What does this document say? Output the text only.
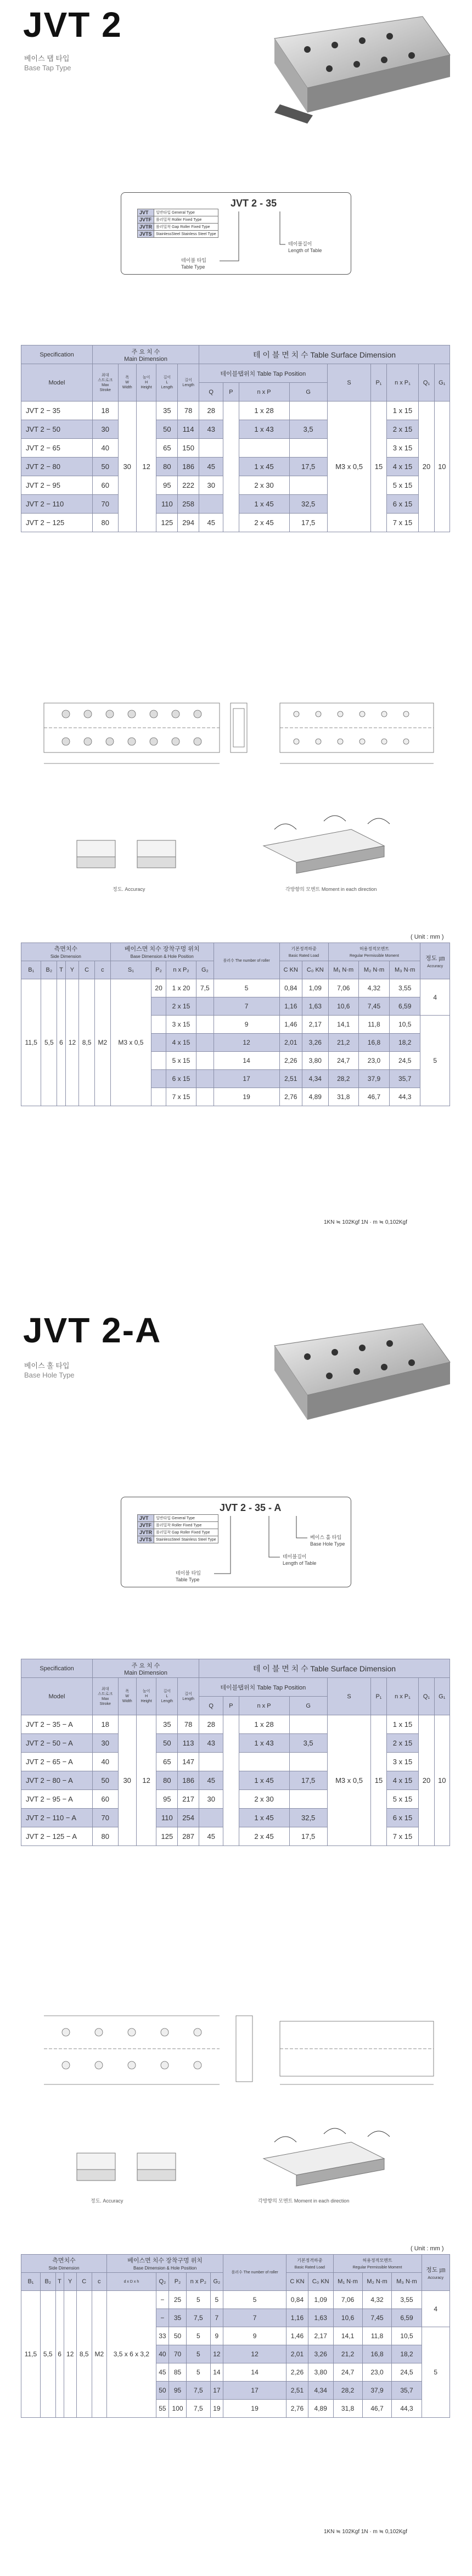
JVT 2
베이스 탭 타입
Base Tap Type
JVT 2 - 35
JVT	일반타입 General Type
JVTF	롤러밀착 Roller Fixed Type
JVTR	롤러밀착 Gap Roller Fixed Type
JVTS	StainlessSteel Stainless Steel Type
테이블 타입
Table Type
테이블길이
Length of Table
Specification	주 요 치 수
Main Dimension					테 이 블 면 치 수 Table Surface Dimension								
Model	최대
스트로크
Max
Stroke	폭
W
Width	높이
H
Height	길이
L
Length	길이
Length	테이블탭위치 Table Tap Position				S	P₁	n x P₁	Q₁	G₁
						Q	P	n x P	G					
JVT 2 − 35	18	30	12	35	78	28		1 x 28		M3 x 0,5	15	1 x 15	20	10
JVT 2 − 50	30			50	114	43		1 x 43	3,5			2 x 15		
JVT 2 − 65	40			65	150							3 x 15		
JVT 2 − 80	50			80	186	45		1 x 45	17,5			4 x 15		
JVT 2 − 95	60			95	222	30		2 x 30				5 x 15		
JVT 2 − 110	70			110	258			1 x 45	32,5			6 x 15		
JVT 2 − 125	80			125	294	45		2 x 45	17,5			7 x 15		
정도. Accuracy	각방향의 모멘트 Moment in each direction
( Unit : mm )
측면치수
Side Dimension						베이스면 치수 장착구멍 위치
Base Dimension & Hole Position				롤러수 The number of roller	기본정격하중
Basic Rated Load		허용정적모멘트
Regular Permissible Moment			정도 ㎛
Accuracy
B₁	B₂	T	Y	C	c	S₁	P₂	n x P₂	G₂		C KN	C₀ KN	M₁ N·m	M₂ N·m	M₃ N·m	
11,5	5,5	6	12	8,5	M2	M3 x 0,5	20	1 x 20	7,5	5	0,84	1,09	7,06	4,32	3,55	4
								2 x 15		7	1,16	1,63	10,6	7,45	6,59	
								3 x 15		9	1,46	2,17	14,1	11,8	10,5	5
								4 x 15		12	2,01	3,26	21,2	16,8	18,2	
								5 x 15		14	2,26	3,80	24,7	23,0	24,5	
								6 x 15		17	2,51	4,34	28,2	37,9	35,7	
								7 x 15		19	2,76	4,89	31,8	46,7	44,3	
1KN ≒ 102Kgf 1N · m ≒ 0,102Kgf
JVT 2-A
베이스 홀 타입
Base Hole Type
JVT 2 - 35 - A
JVT	일반타입 General Type
JVTF	롤러밀착 Roller Fixed Type
JVTR	롤러밀착 Gap Roller Fixed Type
JVTS	StainlessSteel Stainless Steel Type	베이스 홀 타입
Base Hole Type
테이블길이
Length of Table
테이블 타입
Table Type
Specification	주 요 치 수
Main Dimension					테 이 블 면 치 수 Table Surface Dimension								
Model	최대
스트로크
Max
Stroke	폭
W
Width	높이
H
Height	길이
L
Length	길이
Length	테이블탭위치 Table Tap Position				S	P₁	n x P₁	Q₁	G₁
						Q	P	n x P	G					
JVT 2 − 35 − A	18	30	12	35	78	28		1 x 28		M3 x 0,5	15	1 x 15	20	10
JVT 2 − 50 − A	30			50	113	43		1 x 43	3,5			2 x 15		
JVT 2 − 65 − A	40			65	147							3 x 15		
JVT 2 − 80 − A	50			80	186	45		1 x 45	17,5			4 x 15		
JVT 2 − 95 − A	60			95	217	30		2 x 30				5 x 15		
JVT 2 − 110 − A	70			110	254			1 x 45	32,5			6 x 15		
JVT 2 − 125 − A	80			125	287	45		2 x 45	17,5			7 x 15		
정도. Accuracy	각방향의 모멘트 Moment in each direction
( Unit : mm )
측면치수
Side Dimension						베이스면 치수 장착구멍 위치
Base Dimension & Hole Position					롤러수 The number of roller	기본정격하중
Basic Rated Load		허용정적모멘트
Regular Permissible Moment			정도 ㎛
Accuracy
B₁	B₂	T	Y	C	c	d x D x h	Q₂	P₂	n x P₂	G₂		C KN	C₀ KN	M₁ N·m	M₂ N·m	M₃ N·m	
11,5	5,5	6	12	8,5	M2	3,5 x 6 x 3,2	−	25	5	5	5	0,84	1,09	7,06	4,32	3,55	4
							−	35	7,5	7	7	1,16	1,63	10,6	7,45	6,59	
							33	50	5	9	9	1,46	2,17	14,1	11,8	10,5	5
							40	70	5	12	12	2,01	3,26	21,2	16,8	18,2	
							45	85	5	14	14	2,26	3,80	24,7	23,0	24,5	
							50	95	7,5	17	17	2,51	4,34	28,2	37,9	35,7	
							55	100	7,5	19	19	2,76	4,89	31,8	46,7	44,3	
1KN ≒ 102Kgf 1N · m ≒ 0,102Kgf
